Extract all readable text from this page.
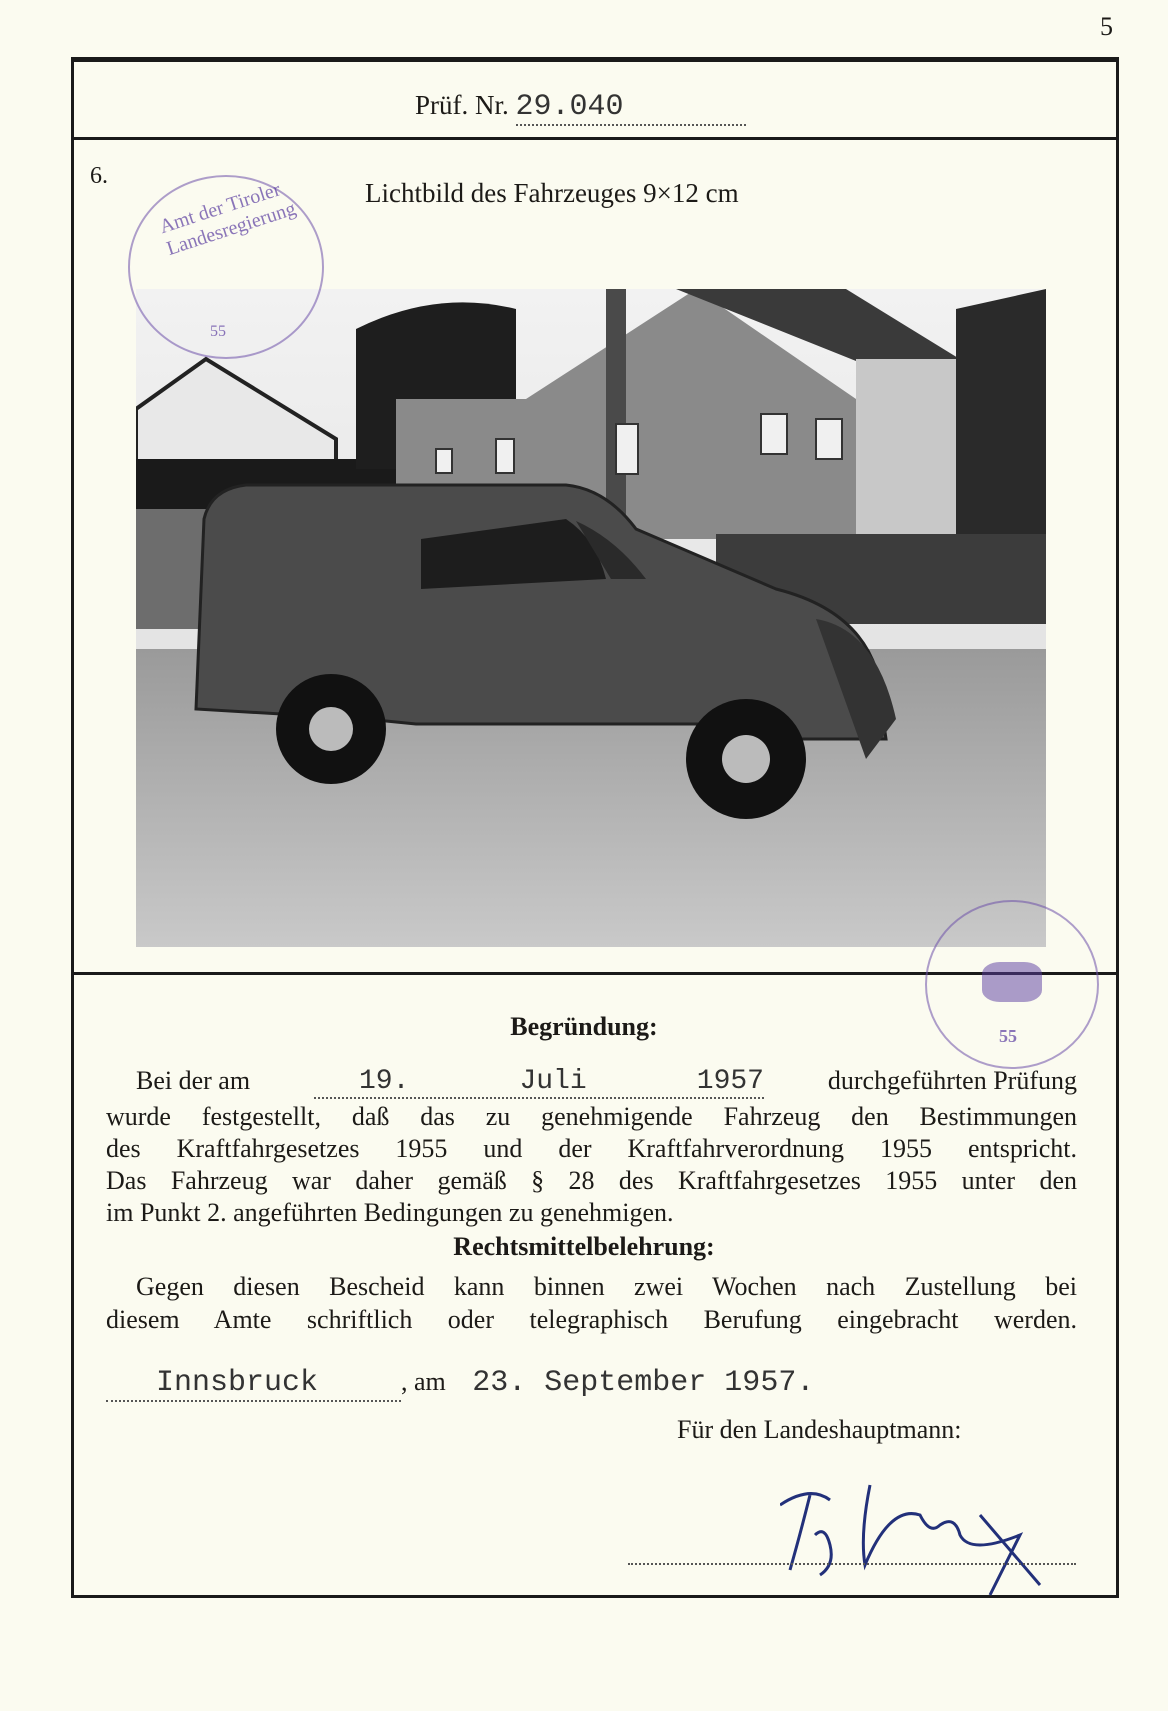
5
Prüf. Nr. 29.040
6.
Lichtbild des Fahrzeuges 9×12 cm
Amt der Tiroler Landesregierung
55
55
Begründung:
Bei der am	19. Juli 1957 durchgeführten Prüfung
wurde festgestellt, daß das zu genehmigende Fahrzeug den Bestimmungen
des Kraftfahrgesetzes 1955 und der Kraftfahrverordnung 1955 entspricht.
Das Fahrzeug war daher gemäß § 28 des Kraftfahrgesetzes 1955 unter den
im Punkt 2. angeführten Bedingungen zu genehmigen.
Rechtsmittelbelehrung:
Gegen diesen Bescheid kann binnen zwei Wochen nach Zustellung bei
diesem Amte schriftlich oder telegraphisch Berufung eingebracht werden.
Innsbruck	, am 23. September 1957.
Für den Landeshauptmann:
